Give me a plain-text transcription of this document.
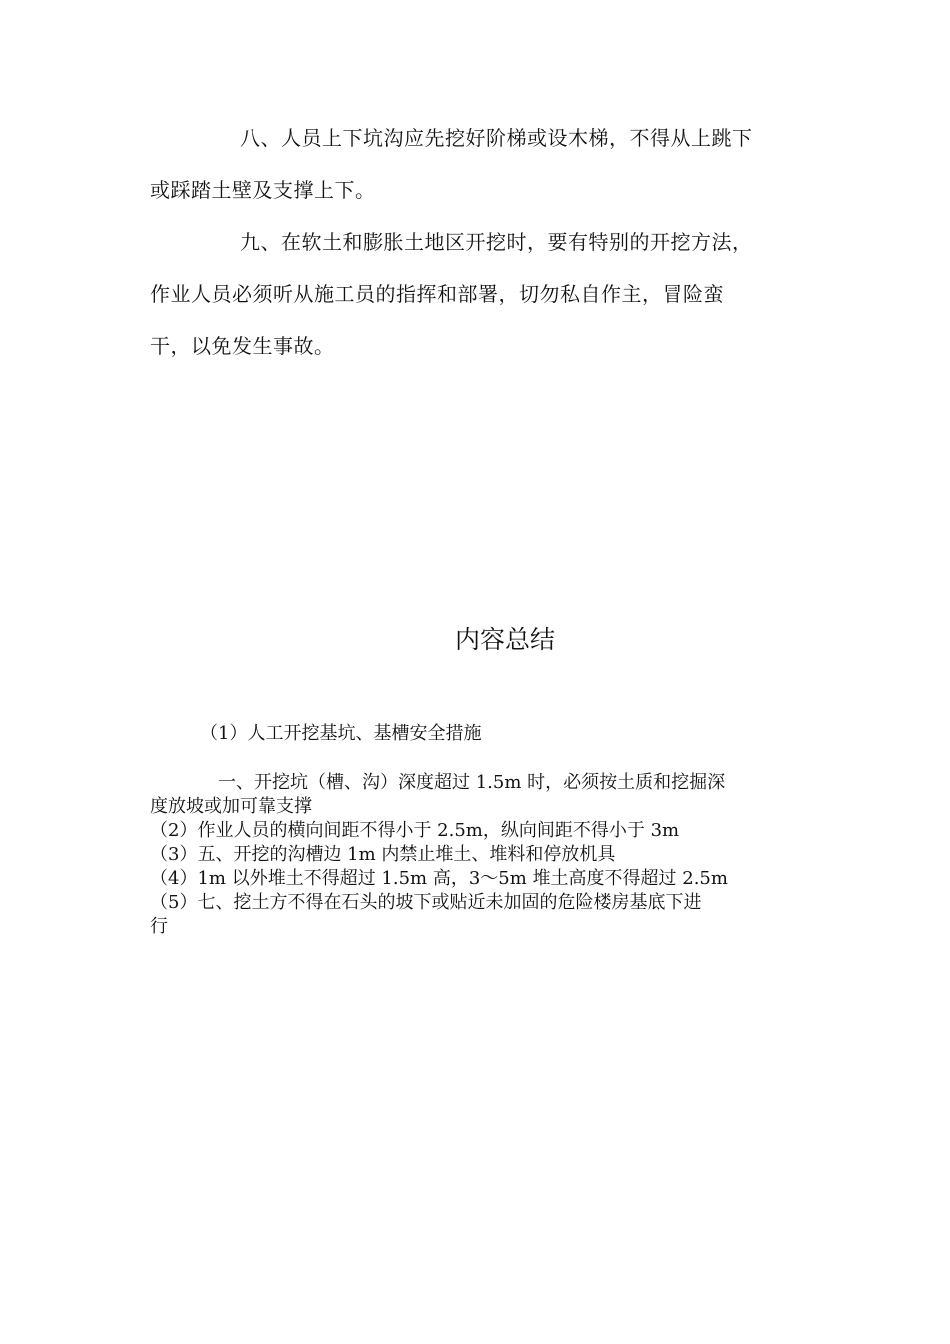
八、人员上下坑沟应先挖好阶梯或设木梯，不得从上跳下
或踩踏土壁及支撑上下。
九、在软土和膨胀土地区开挖时，要有特别的开挖方法，
作业人员必须听从施工员的指挥和部署，切勿私自作主，冒险蛮
干，以免发生事故。
内容总结
（1）人工开挖基坑、基槽安全措施
一、开挖坑（槽、沟）深度超过 1.5m 时，必须按土质和挖掘深
度放坡或加可靠支撑
（2）作业人员的横向间距不得小于 2.5m，纵向间距不得小于 3m
（3）五、开挖的沟槽边 1m 内禁止堆土、堆料和停放机具
（4）1m 以外堆土不得超过 1.5m 高，3～5m 堆土高度不得超过 2.5m
（5）七、挖土方不得在石头的坡下或贴近未加固的危险楼房基底下进
行
